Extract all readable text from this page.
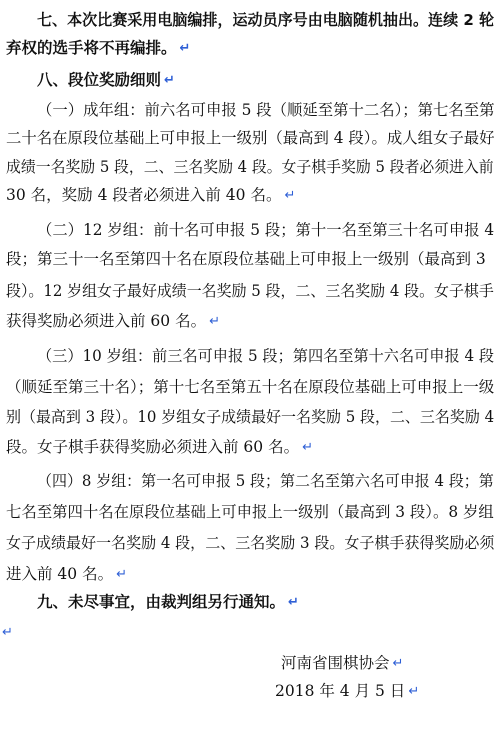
七、本次比赛采用电脑编排，运动员序号由电脑随机抽出。连续 2 轮
弃权的选手将不再编排。 ↵
八、段位奖励细则 ↵
（一）成年组：前六名可申报 5 段（顺延至第十二名）；第七名至第
二十名在原段位基础上可申报上一级别（最高到 4 段）。成人组女子最好
成绩一名奖励 5 段，二、三名奖励 4 段。女子棋手奖励 5 段者必须进入前
30 名，奖励 4 段者必须进入前 40 名。 ↵
（二）12 岁组：前十名可申报 5 段；第十一名至第三十名可申报 4
段；第三十一名至第四十名在原段位基础上可申报上一级别（最高到 3
段）。12 岁组女子最好成绩一名奖励 5 段，二、三名奖励 4 段。女子棋手
获得奖励必须进入前 60 名。 ↵
（三）10 岁组：前三名可申报 5 段；第四名至第十六名可申报 4 段
（顺延至第三十名）；第十七名至第五十名在原段位基础上可申报上一级
别（最高到 3 段）。10 岁组女子成绩最好一名奖励 5 段，二、三名奖励 4
段。女子棋手获得奖励必须进入前 60 名。 ↵
（四）8 岁组：第一名可申报 5 段；第二名至第六名可申报 4 段；第
七名至第四十名在原段位基础上可申报上一级别（最高到 3 段）。8 岁组
女子成绩最好一名奖励 4 段，二、三名奖励 3 段。女子棋手获得奖励必须
进入前 40 名。 ↵
九、未尽事宜，由裁判组另行通知。 ↵
↵
河南省围棋协会 ↵
2018 年 4 月 5 日 ↵
